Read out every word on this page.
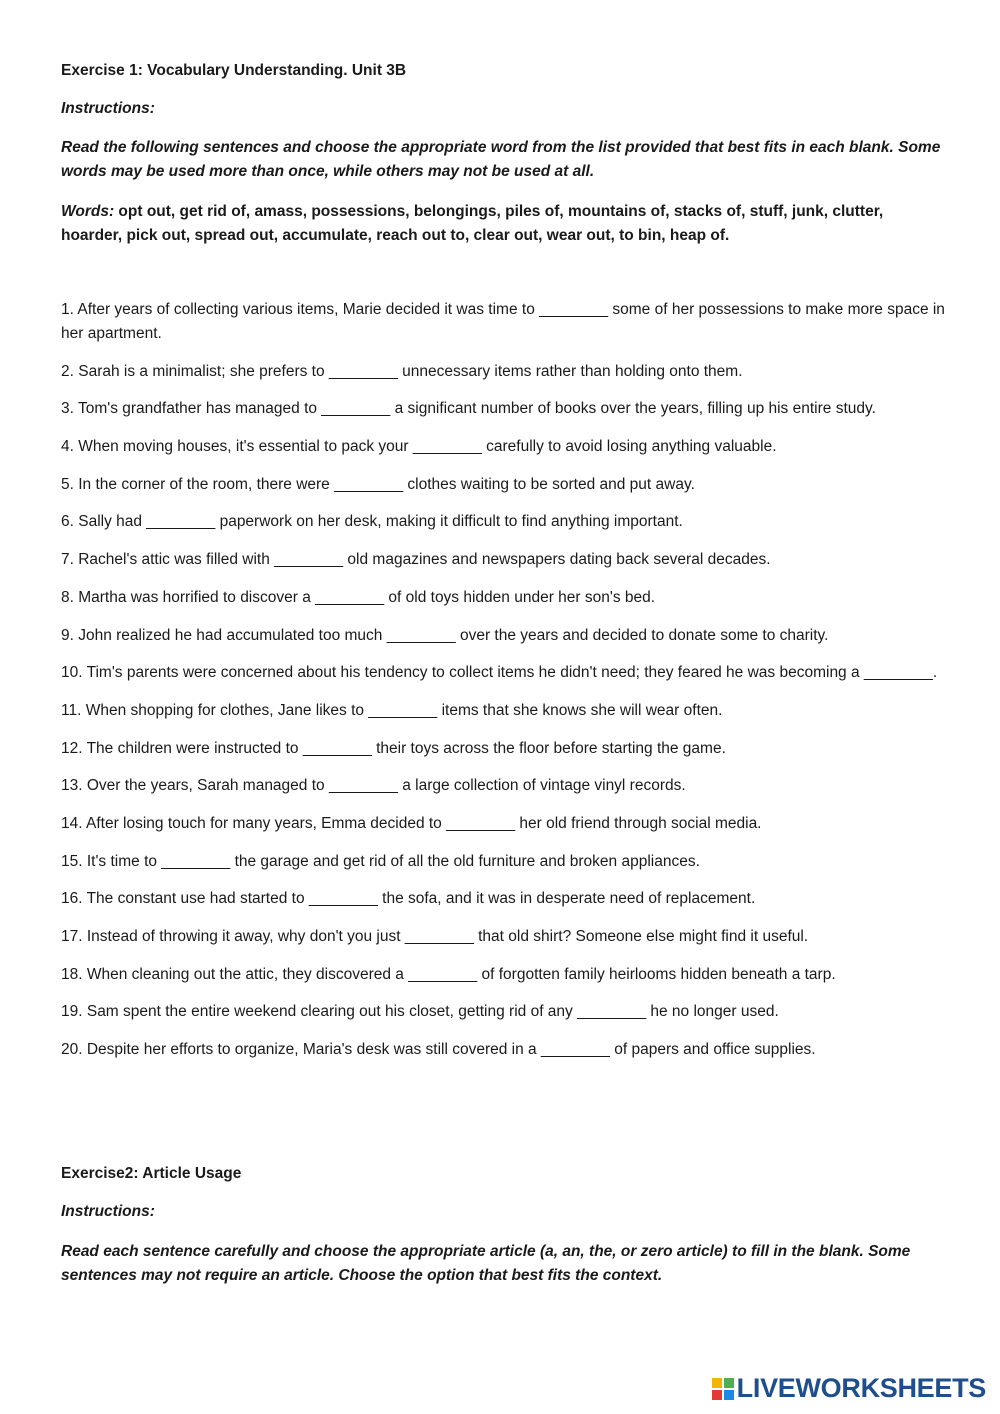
Exercise 1: Vocabulary Understanding. Unit 3B
Instructions:
Read the following sentences and choose the appropriate word from the list provided that best fits in each blank. Some words may be used more than once, while others may not be used at all.
Words: opt out, get rid of, amass, possessions, belongings, piles of, mountains of, stacks of, stuff, junk, clutter, hoarder, pick out, spread out, accumulate, reach out to, clear out, wear out, to bin, heap of.
1. After years of collecting various items, Marie decided it was time to ________ some of her possessions to make more space in her apartment.
2. Sarah is a minimalist; she prefers to ________ unnecessary items rather than holding onto them.
3. Tom's grandfather has managed to ________ a significant number of books over the years, filling up his entire study.
4. When moving houses, it's essential to pack your ________ carefully to avoid losing anything valuable.
5. In the corner of the room, there were ________ clothes waiting to be sorted and put away.
6. Sally had ________ paperwork on her desk, making it difficult to find anything important.
7. Rachel's attic was filled with ________ old magazines and newspapers dating back several decades.
8. Martha was horrified to discover a ________ of old toys hidden under her son's bed.
9. John realized he had accumulated too much ________ over the years and decided to donate some to charity.
10. Tim's parents were concerned about his tendency to collect items he didn't need; they feared he was becoming a ________.
11. When shopping for clothes, Jane likes to ________ items that she knows she will wear often.
12. The children were instructed to ________ their toys across the floor before starting the game.
13. Over the years, Sarah managed to ________ a large collection of vintage vinyl records.
14. After losing touch for many years, Emma decided to ________ her old friend through social media.
15. It's time to ________ the garage and get rid of all the old furniture and broken appliances.
16. The constant use had started to ________ the sofa, and it was in desperate need of replacement.
17. Instead of throwing it away, why don't you just ________ that old shirt? Someone else might find it useful.
18. When cleaning out the attic, they discovered a ________ of forgotten family heirlooms hidden beneath a tarp.
19. Sam spent the entire weekend clearing out his closet, getting rid of any ________ he no longer used.
20. Despite her efforts to organize, Maria's desk was still covered in a ________ of papers and office supplies.
Exercise2: Article Usage
Instructions:
Read each sentence carefully and choose the appropriate article (a, an, the, or zero article) to fill in the blank. Some sentences may not require an article. Choose the option that best fits the context.
LIVEWORKSHEETS
